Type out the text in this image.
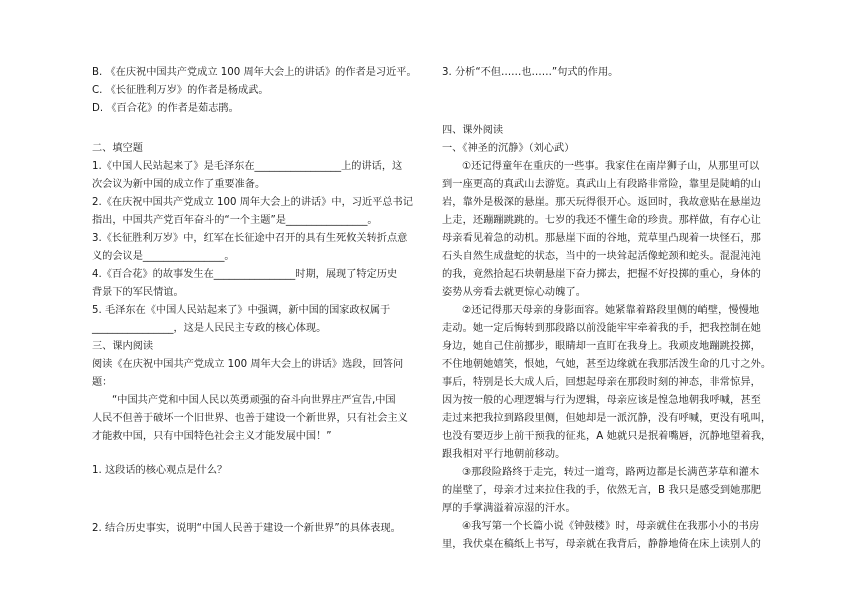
B. 《在庆祝中国共产党成立 100 周年大会上的讲话》的作者是习近平。

C. 《长征胜利万岁》的作者是杨成武。

D. 《百合花》的作者是茹志鹃。

二、填空题

1.《中国人民站起来了》是毛泽东在_________________上的讲话，这

次会议为新中国的成立作了重要准备。

2.《在庆祝中国共产党成立 100 周年大会上的讲话》中，习近平总书记

指出，中国共产党百年奋斗的“一个主题”是________________。

3.《长征胜利万岁》中，红军在长征途中召开的具有生死攸关转折点意

义的会议是________________。

4.《百合花》的故事发生在________________时期，展现了特定历史

背景下的军民情谊。

5. 毛泽东在《中国人民站起来了》中强调，新中国的国家政权属于

________________，这是人民民主专政的核心体现。

三、课内阅读

阅读《在庆祝中国共产党成立 100 周年大会上的讲话》选段，回答问

题：

“中国共产党和中国人民以英勇顽强的奋斗向世界庄严宣告,中国

人民不但善于破坏一个旧世界、也善于建设一个新世界，只有社会主义

才能救中国，只有中国特色社会主义才能发展中国！”

1. 这段话的核心观点是什么？

2. 结合历史事实，说明“中国人民善于建设一个新世界”的具体表现。

3. 分析“不但……也……”句式的作用。

四、课外阅读

一、《神圣的沉静》（刘心武）

①还记得童年在重庆的一些事。我家住在南岸狮子山，从那里可以

到一座更高的真武山去游览。真武山上有段路非常险，靠里是陡峭的山

岩，靠外是极深的悬崖。那天玩得很开心。返回时，我故意贴在悬崖边

上走，还蹦蹦跳跳的。七岁的我还不懂生命的珍贵。那样做，有存心让

母亲看见着急的动机。那悬崖下面的谷地，荒草里凸现着一块怪石，那

石头自然生成盘蛇的状态，当中的一块耸起活像蛇颈和蛇头。混混沌沌

的我，竟然拾起石块朝悬崖下奋力掷去，把握不好投掷的重心，身体的

姿势从旁看去就更惊心动魄了。

②还记得那天母亲的身影面容。她紧靠着路段里侧的峭壁，慢慢地

走动。她一定后悔转到那段路以前没能牢牢牵着我的手，把我控制在她

身边，她自己住前挪步，眼睛却一直盯在我身上。我顽皮地蹦跳投掷，

不住地朝她嬉笑，恨她，气她，甚至边缘就在我那活泼生命的几寸之外。

事后，特别是长大成人后，回想起母亲在那段时刻的神态，非常惊异，

因为按一般的心理逻辑与行为逻辑，母亲应该是惶急地朝我呼喊，甚至

走过来把我拉到路段里侧，但她却是一派沉静，没有呼喊，更没有吼叫，

也没有要迈步上前干预我的征兆，A 她就只是抿着嘴唇，沉静地望着我，

跟我相对平行地朝前移动。

③那段险路终于走完，转过一道弯，路两边都是长满芭茅草和灌木

的崖壁了，母亲才过来拉住我的手，依然无言，B 我只是感受到她那肥

厚的手掌满溢着凉湿的汗水。

④我写第一个长篇小说《钟鼓楼》时，母亲就住在我那小小的书房

里，我伏桌在稿纸上书写，母亲就在我背后，静静地倚在床上读别人的
